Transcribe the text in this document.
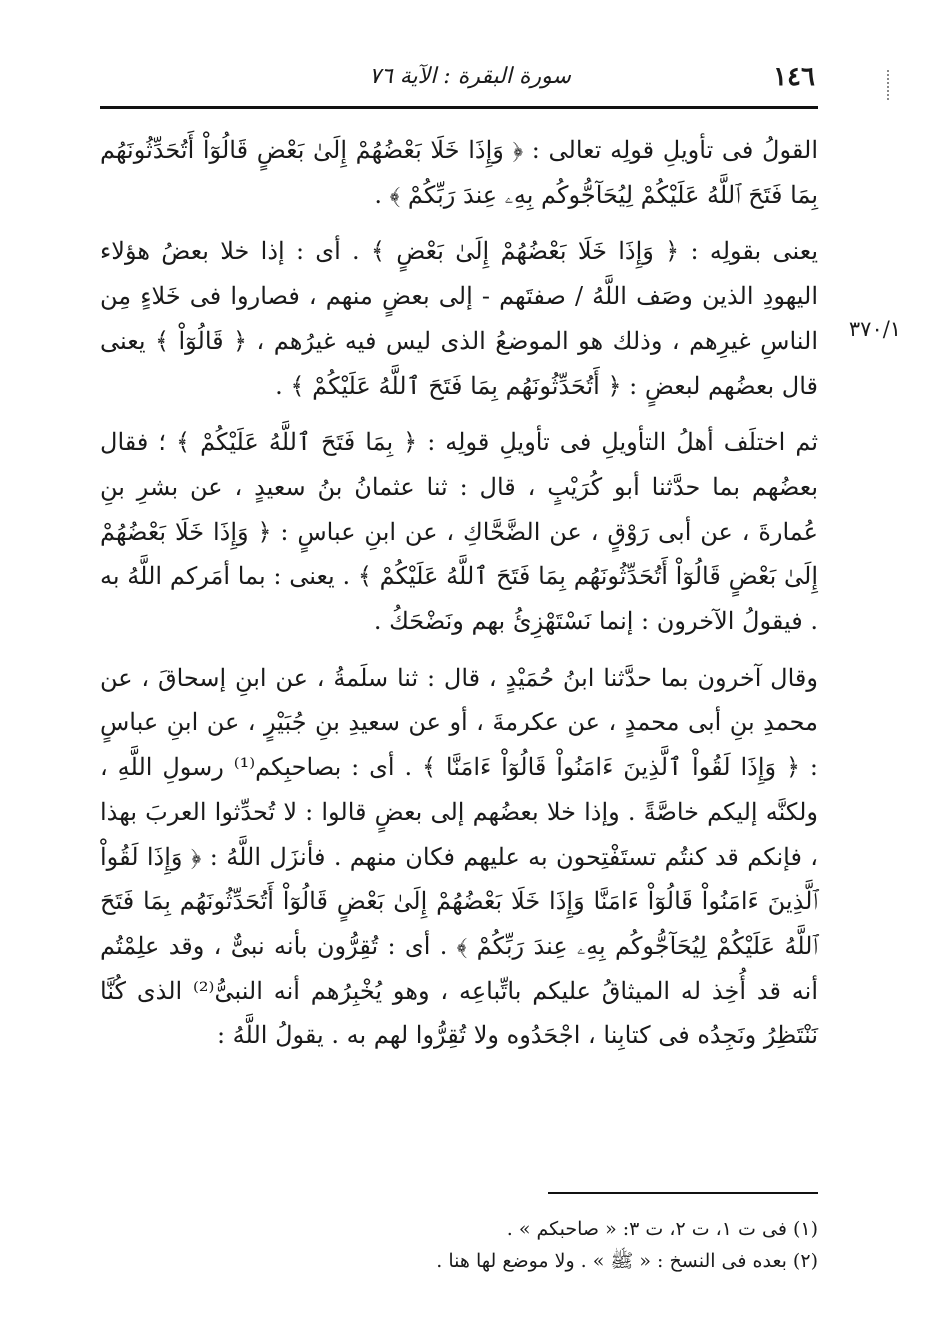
١٤٦
سورة البقرة : الآية ٧٦
٣٧٠/١

القولُ فى تأويلِ قولِه تعالى : ﴿ وَإِذَا خَلَا بَعْضُهُمْ إِلَىٰ بَعْضٍ قَالُوٓاْ أَتُحَدِّثُونَهُم بِمَا فَتَحَ ٱللَّهُ عَلَيْكُمْ لِيُحَآجُّوكُم بِهِۦ عِندَ رَبِّكُمْ ﴾ .

يعنى بقولِه : ﴿ وَإِذَا خَلَا بَعْضُهُمْ إِلَىٰ بَعْضٍ ﴾ . أى : إذا خلا بعضُ هؤلاء اليهودِ الذين وصَف اللَّهُ / صفتَهم - إلى بعضٍ منهم ، فصاروا فى خَلاءٍ مِن الناسِ غيرِهم ، وذلك هو الموضعُ الذى ليس فيه غيرُهم ، ﴿ قَالُوٓاْ ﴾ يعنى قال بعضُهم لبعضٍ : ﴿ أَتُحَدِّثُونَهُم بِمَا فَتَحَ ٱللَّهُ عَلَيْكُمْ ﴾ .

ثم اختلَف أهلُ التأويلِ فى تأويلِ قولِه : ﴿ بِمَا فَتَحَ ٱللَّهُ عَلَيْكُمْ ﴾ ؛ فقال بعضُهم بما حدَّثنا أبو كُرَيْبٍ ، قال : ثنا عثمانُ بنُ سعيدٍ ، عن بشرِ بنِ عُمارةَ ، عن أبى رَوْقٍ ، عن الضَّحَّاكِ ، عن ابنِ عباسٍ : ﴿ وَإِذَا خَلَا بَعْضُهُمْ إِلَىٰ بَعْضٍ قَالُوٓاْ أَتُحَدِّثُونَهُم بِمَا فَتَحَ ٱللَّهُ عَلَيْكُمْ ﴾ . يعنى : بما أمَركم اللَّهُ به . فيقولُ الآخرون : إنما نَسْتَهْزِئُ بهم ونَضْحَكُ .

وقال آخرون بما حدَّثنا ابنُ حُمَيْدٍ ، قال : ثنا سلَمةُ ، عن ابنِ إسحاقَ ، عن محمدِ بنِ أبى محمدٍ ، عن عكرمةَ ، أو عن سعيدِ بنِ جُبَيْرٍ ، عن ابنِ عباسٍ : ﴿ وَإِذَا لَقُواْ ٱلَّذِينَ ءَامَنُواْ قَالُوٓاْ ءَامَنَّا ﴾ . أى : بصاحبِكم⁽¹⁾ رسولِ اللَّهِ ، ولكنَّه إليكم خاصَّةً . وإذا خلا بعضُهم إلى بعضٍ قالوا : لا تُحدِّثوا العربَ بهذا ، فإنكم قد كنتُم تستَفْتِحون به عليهم فكان منهم . فأنزَل اللَّهُ : ﴿ وَإِذَا لَقُواْ ٱلَّذِينَ ءَامَنُواْ قَالُوٓاْ ءَامَنَّا وَإِذَا خَلَا بَعْضُهُمْ إِلَىٰ بَعْضٍ قَالُوٓاْ أَتُحَدِّثُونَهُم بِمَا فَتَحَ ٱللَّهُ عَلَيْكُمْ لِيُحَآجُّوكُم بِهِۦ عِندَ رَبِّكُمْ ﴾ . أى : تُقِرُّون بأنه نبىٌّ ، وقد علِمْتُم أنه قد أُخِذ له الميثاقُ عليكم باتِّباعِه ، وهو يُخْبِرُهم أنه النبىُّ⁽²⁾ الذى كُنَّا نَنْتَظِرُ ونَجِدُه فى كتابِنا ، اجْحَدُوه ولا تُقِرُّوا لهم به . يقولُ اللَّهُ :

(١) فى ت ١، ت ٢، ت ٣: « صاحبكم » .

(٢) بعده فى النسخ : « ﷺ » . ولا موضع لها هنا .
